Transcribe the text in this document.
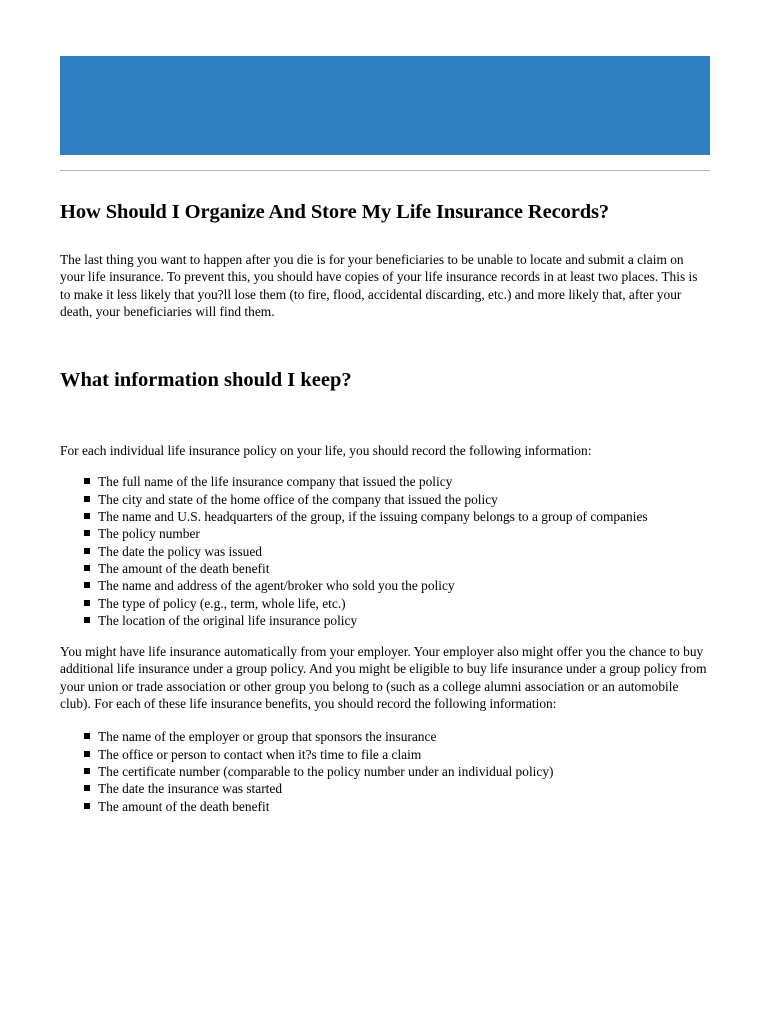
How Should I Organize And Store My Life Insurance Records?

The last thing you want to happen after you die is for your beneficiaries to be unable to locate and submit a claim on your life insurance. To prevent this, you should have copies of your life insurance records in at least two places. This is to make it less likely that you?ll lose them (to fire, flood, accidental discarding, etc.) and more likely that, after your death, your beneficiaries will find them.

What information should I keep?

For each individual life insurance policy on your life, you should record the following information:

The full name of the life insurance company that issued the policy
The city and state of the home office of the company that issued the policy
The name and U.S. headquarters of the group, if the issuing company belongs to a group of companies
The policy number
The date the policy was issued
The amount of the death benefit
The name and address of the agent/broker who sold you the policy
The type of policy (e.g., term, whole life, etc.)
The location of the original life insurance policy

You might have life insurance automatically from your employer. Your employer also might offer you the chance to buy additional life insurance under a group policy. And you might be eligible to buy life insurance under a group policy from your union or trade association or other group you belong to (such as a college alumni association or an automobile club). For each of these life insurance benefits, you should record the following information:

The name of the employer or group that sponsors the insurance
The office or person to contact when it?s time to file a claim
The certificate number (comparable to the policy number under an individual policy)
The date the insurance was started
The amount of the death benefit
